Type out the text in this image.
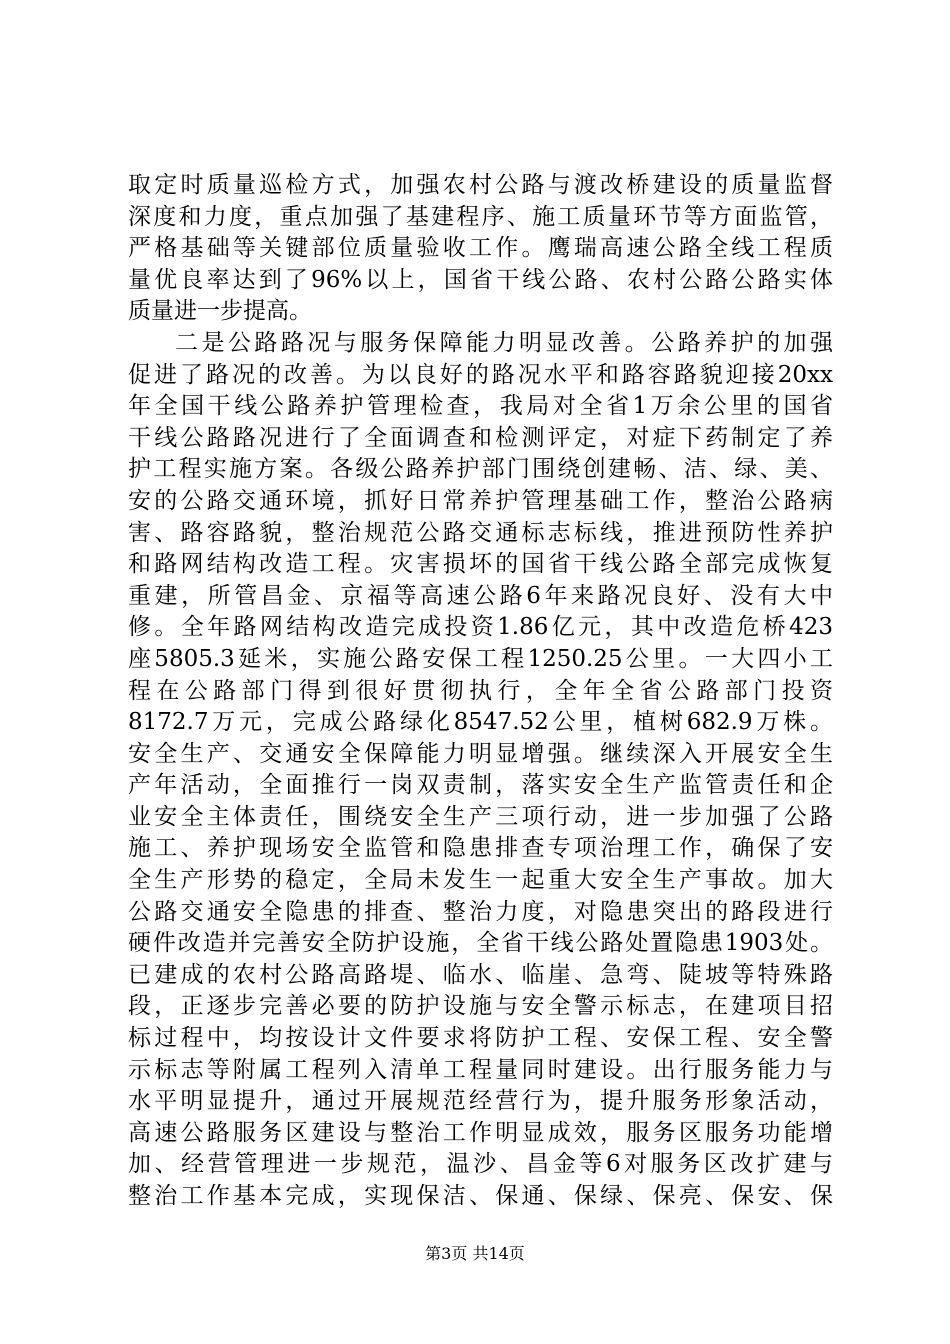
取定时质量巡检方式，加强农村公路与渡改桥建设的质量监督
深度和力度，重点加强了基建程序、施工质量环节等方面监管，
严格基础等关键部位质量验收工作。鹰瑞高速公路全线工程质
量优良率达到了96%以上，国省干线公路、农村公路公路实体
质量进一步提高。
二是公路路况与服务保障能力明显改善。公路养护的加强
促进了路况的改善。为以良好的路况水平和路容路貌迎接20xx
年全国干线公路养护管理检查，我局对全省1万余公里的国省
干线公路路况进行了全面调查和检测评定，对症下药制定了养
护工程实施方案。各级公路养护部门围绕创建畅、洁、绿、美、
安的公路交通环境，抓好日常养护管理基础工作，整治公路病
害、路容路貌，整治规范公路交通标志标线，推进预防性养护
和路网结构改造工程。灾害损坏的国省干线公路全部完成恢复
重建，所管昌金、京福等高速公路6年来路况良好、没有大中
修。全年路网结构改造完成投资1.86亿元，其中改造危桥423
座5805.3延米，实施公路安保工程1250.25公里。一大四小工
程在公路部门得到很好贯彻执行，全年全省公路部门投资
8172.7万元，完成公路绿化8547.52公里，植树682.9万株。
安全生产、交通安全保障能力明显增强。继续深入开展安全生
产年活动，全面推行一岗双责制，落实安全生产监管责任和企
业安全主体责任，围绕安全生产三项行动，进一步加强了公路
施工、养护现场安全监管和隐患排查专项治理工作，确保了安
全生产形势的稳定，全局未发生一起重大安全生产事故。加大
公路交通安全隐患的排查、整治力度，对隐患突出的路段进行
硬件改造并完善安全防护设施，全省干线公路处置隐患1903处。
已建成的农村公路高路堤、临水、临崖、急弯、陡坡等特殊路
段，正逐步完善必要的防护设施与安全警示标志，在建项目招
标过程中，均按设计文件要求将防护工程、安保工程、安全警
示标志等附属工程列入清单工程量同时建设。出行服务能力与
水平明显提升，通过开展规范经营行为，提升服务形象活动，
高速公路服务区建设与整治工作明显成效，服务区服务功能增
加、经营管理进一步规范，温沙、昌金等6对服务区改扩建与
整治工作基本完成，实现保洁、保通、保绿、保亮、保安、保
第3页 共14页
